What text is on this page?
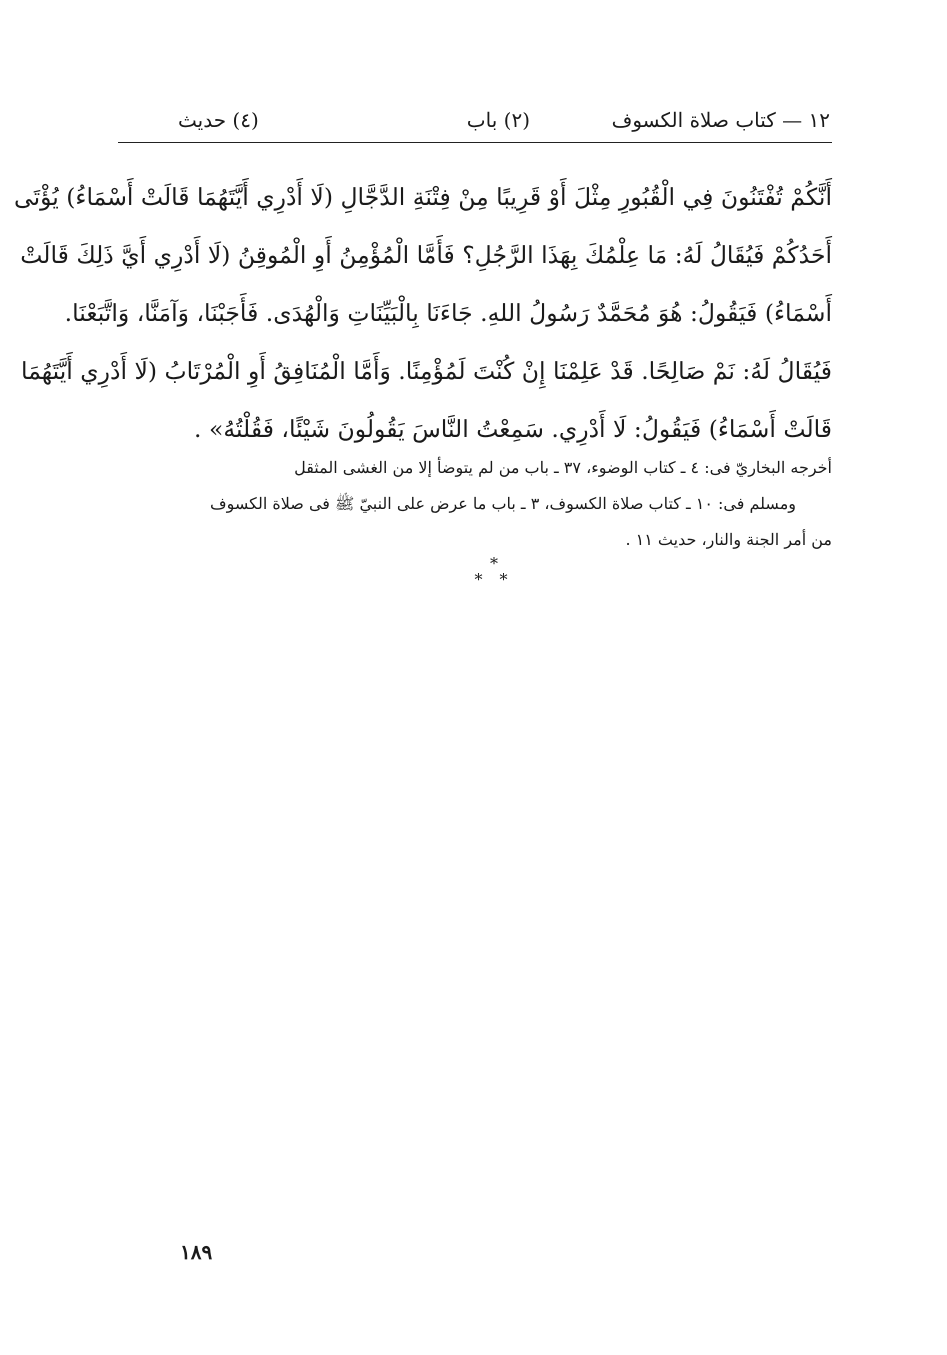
١٢ — كتاب صلاة الكسوف
(٢) باب
(٤) حديث
أَنَّكُمْ تُفْتَنُونَ فِي الْقُبُورِ مِثْلَ أَوْ قَرِيبًا مِنْ فِتْنَةِ الدَّجَّالِ (لَا أَدْرِي أَيَّتَهُمَا قَالَتْ أَسْمَاءُ) يُؤْتَى
أَحَدُكُمْ فَيُقَالُ لَهُ: مَا عِلْمُكَ بِهَذَا الرَّجُلِ؟ فَأَمَّا الْمُؤْمِنُ أَوِ الْمُوقِنُ (لَا أَدْرِي أَيَّ ذَلِكَ قَالَتْ
أَسْمَاءُ) فَيَقُولُ: هُوَ مُحَمَّدٌ رَسُولُ اللهِ. جَاءَنَا بِالْبَيِّنَاتِ وَالْهُدَى. فَأَجَبْنَا، وَآمَنَّا، وَاتَّبَعْنَا.
فَيُقَالُ لَهُ: نَمْ صَالِحًا. قَدْ عَلِمْنَا إِنْ كُنْتَ لَمُؤْمِنًا. وَأَمَّا الْمُنَافِقُ أَوِ الْمُرْتَابُ (لَا أَدْرِي أَيَّتَهُمَا
قَالَتْ أَسْمَاءُ) فَيَقُولُ: لَا أَدْرِي. سَمِعْتُ النَّاسَ يَقُولُونَ شَيْئًا، فَقُلْتُهُ» .
أخرجه البخاريّ فى: ٤ ـ كتاب الوضوء، ٣٧ ـ باب من لم يتوضأ إلا من الغشى المثقل
ومسلم فى: ١٠ ـ كتاب صلاة الكسوف، ٣ ـ باب ما عرض على النبيّ ﷺ فى صلاة الكسوف
من أمر الجنة والنار، حديث ١١ .
*
* *
١٨٩
